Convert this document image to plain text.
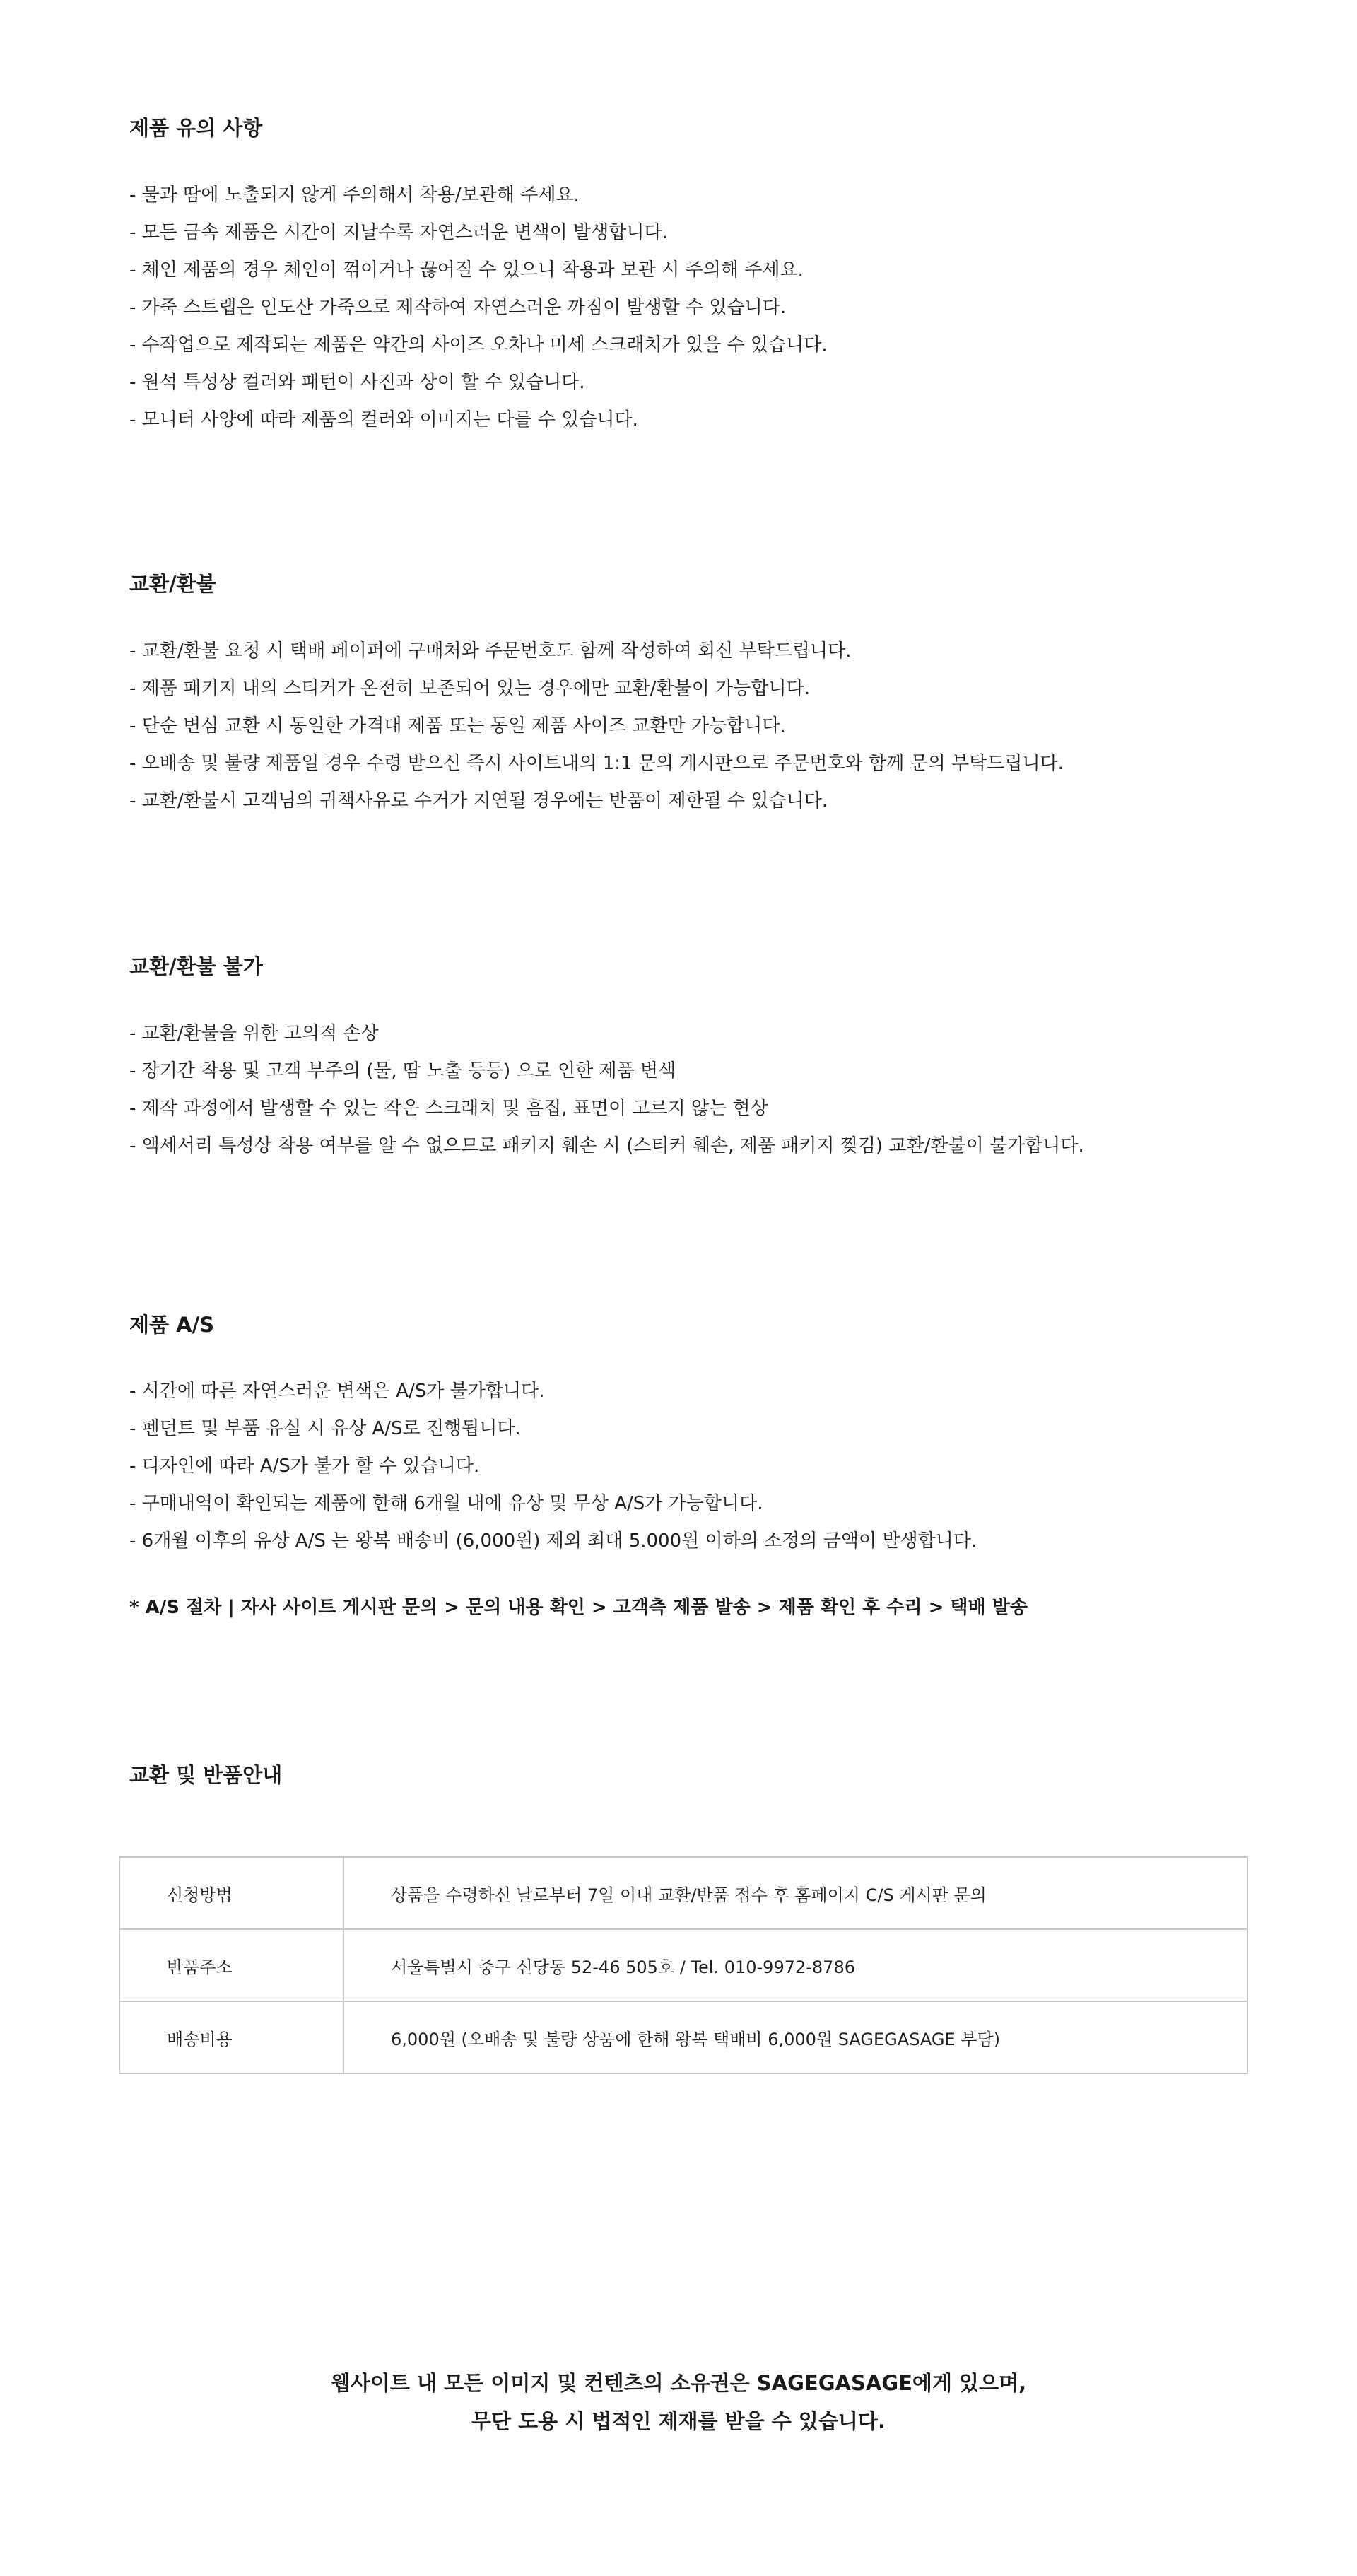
제품 유의 사항
- 물과 땀에 노출되지 않게 주의해서 착용/보관해 주세요.
- 모든 금속 제품은 시간이 지날수록 자연스러운 변색이 발생합니다.
- 체인 제품의 경우 체인이 꺾이거나 끊어질 수 있으니 착용과 보관 시 주의해 주세요.
- 가죽 스트랩은 인도산 가죽으로 제작하여 자연스러운 까짐이 발생할 수 있습니다.
- 수작업으로 제작되는 제품은 약간의 사이즈 오차나 미세 스크래치가 있을 수 있습니다.
- 원석 특성상 컬러와 패턴이 사진과 상이 할 수 있습니다.
- 모니터 사양에 따라 제품의 컬러와 이미지는 다를 수 있습니다.
교환/환불
- 교환/환불 요청 시 택배 페이퍼에 구매처와 주문번호도 함께 작성하여 회신 부탁드립니다.
- 제품 패키지 내의 스티커가 온전히 보존되어 있는 경우에만 교환/환불이 가능합니다.
- 단순 변심 교환 시 동일한 가격대 제품 또는 동일 제품 사이즈 교환만 가능합니다.
- 오배송 및 불량 제품일 경우 수령 받으신 즉시 사이트내의 1:1 문의 게시판으로 주문번호와 함께 문의 부탁드립니다.
- 교환/환불시 고객님의 귀책사유로 수거가 지연될 경우에는 반품이 제한될 수 있습니다.
교환/환불 불가
- 교환/환불을 위한 고의적 손상
- 장기간 착용 및 고객 부주의 (물, 땀 노출 등등) 으로 인한 제품 변색
- 제작 과정에서 발생할 수 있는 작은 스크래치 및 흠집, 표면이 고르지 않는 현상
- 액세서리 특성상 착용 여부를 알 수 없으므로 패키지 훼손 시 (스티커 훼손, 제품 패키지 찢김) 교환/환불이 불가합니다.
제품 A/S
- 시간에 따른 자연스러운 변색은 A/S가 불가합니다.
- 펜던트 및 부품 유실 시 유상 A/S로 진행됩니다.
- 디자인에 따라 A/S가 불가 할 수 있습니다.
- 구매내역이 확인되는 제품에 한해 6개월 내에 유상 및 무상 A/S가 가능합니다.
- 6개월 이후의 유상 A/S 는 왕복 배송비 (6,000원) 제외 최대 5.000원 이하의 소정의 금액이 발생합니다.
* A/S 절차 | 자사 사이트 게시판 문의 > 문의 내용 확인 > 고객측 제품 발송 > 제품 확인 후 수리 > 택배 발송
교환 및 반품안내
신청방법	상품을 수령하신 날로부터 7일 이내 교환/반품 접수 후 홈페이지 C/S 게시판 문의
반품주소	서울특별시 중구 신당동 52-46 505호 / Tel. 010-9972-8786
배송비용	6,000원 (오배송 및 불량 상품에 한해 왕복 택배비 6,000원 SAGEGASAGE 부담)
웹사이트 내 모든 이미지 및 컨텐츠의 소유권은 SAGEGASAGE에게 있으며,
무단 도용 시 법적인 제재를 받을 수 있습니다.
